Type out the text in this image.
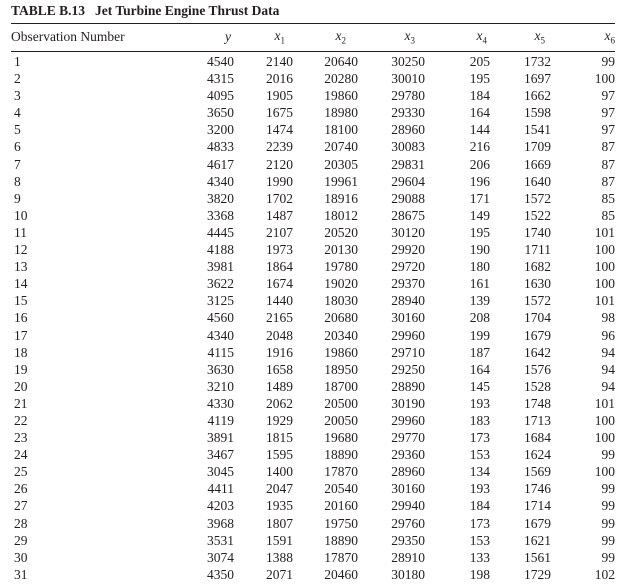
TABLE B.13 Jet Turbine Engine Thrust Data
Observation Number	y	$x_1$	$x_2$	$x_3$	$x_4$	$x_5$	$x_6$
1	4540	2140	20640	30250	205	1732	99
2	4315	2016	20280	30010	195	1697	100
3	4095	1905	19860	29780	184	1662	97
4	3650	1675	18980	29330	164	1598	97
5	3200	1474	18100	28960	144	1541	97
6	4833	2239	20740	30083	216	1709	87
7	4617	2120	20305	29831	206	1669	87
8	4340	1990	19961	29604	196	1640	87
9	3820	1702	18916	29088	171	1572	85
10	3368	1487	18012	28675	149	1522	85
11	4445	2107	20520	30120	195	1740	101
12	4188	1973	20130	29920	190	1711	100
13	3981	1864	19780	29720	180	1682	100
14	3622	1674	19020	29370	161	1630	100
15	3125	1440	18030	28940	139	1572	101
16	4560	2165	20680	30160	208	1704	98
17	4340	2048	20340	29960	199	1679	96
18	4115	1916	19860	29710	187	1642	94
19	3630	1658	18950	29250	164	1576	94
20	3210	1489	18700	28890	145	1528	94
21	4330	2062	20500	30190	193	1748	101
22	4119	1929	20050	29960	183	1713	100
23	3891	1815	19680	29770	173	1684	100
24	3467	1595	18890	29360	153	1624	99
25	3045	1400	17870	28960	134	1569	100
26	4411	2047	20540	30160	193	1746	99
27	4203	1935	20160	29940	184	1714	99
28	3968	1807	19750	29760	173	1679	99
29	3531	1591	18890	29350	153	1621	99
30	3074	1388	17870	28910	133	1561	99
31	4350	2071	20460	30180	198	1729	102
